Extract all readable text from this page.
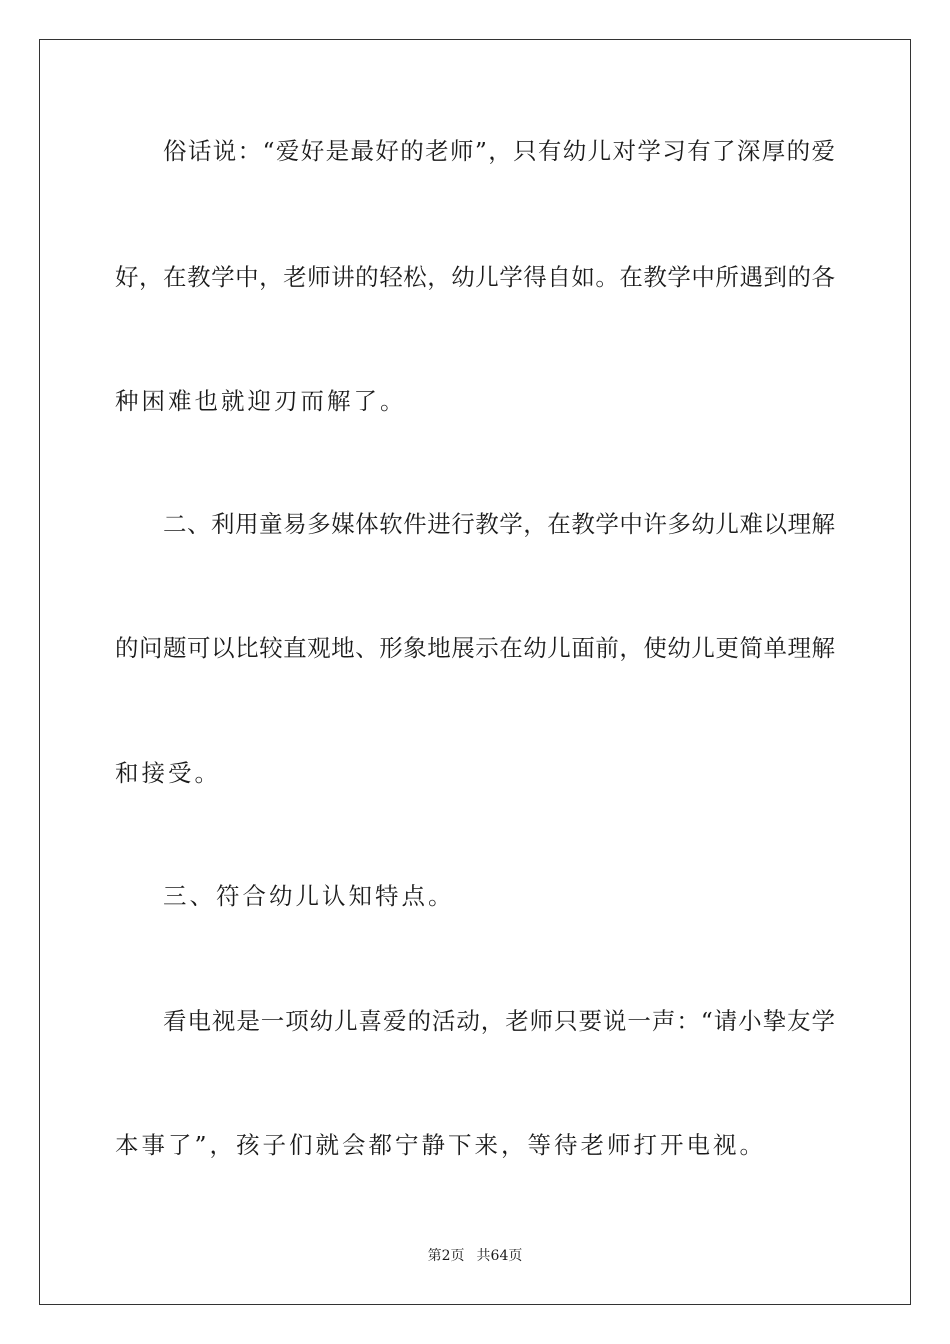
俗话说：“爱好是最好的老师”，只有幼儿对学习有了深厚的爱
好，在教学中，老师讲的轻松，幼儿学得自如。在教学中所遇到的各
种困难也就迎刃而解了。
二、利用童易多媒体软件进行教学，在教学中许多幼儿难以理解
的问题可以比较直观地、形象地展示在幼儿面前，使幼儿更简单理解
和接受。
三、符合幼儿认知特点。
看电视是一项幼儿喜爱的活动，老师只要说一声：“请小挚友学
本事了”，孩子们就会都宁静下来，等待老师打开电视。
第2页 共64页
